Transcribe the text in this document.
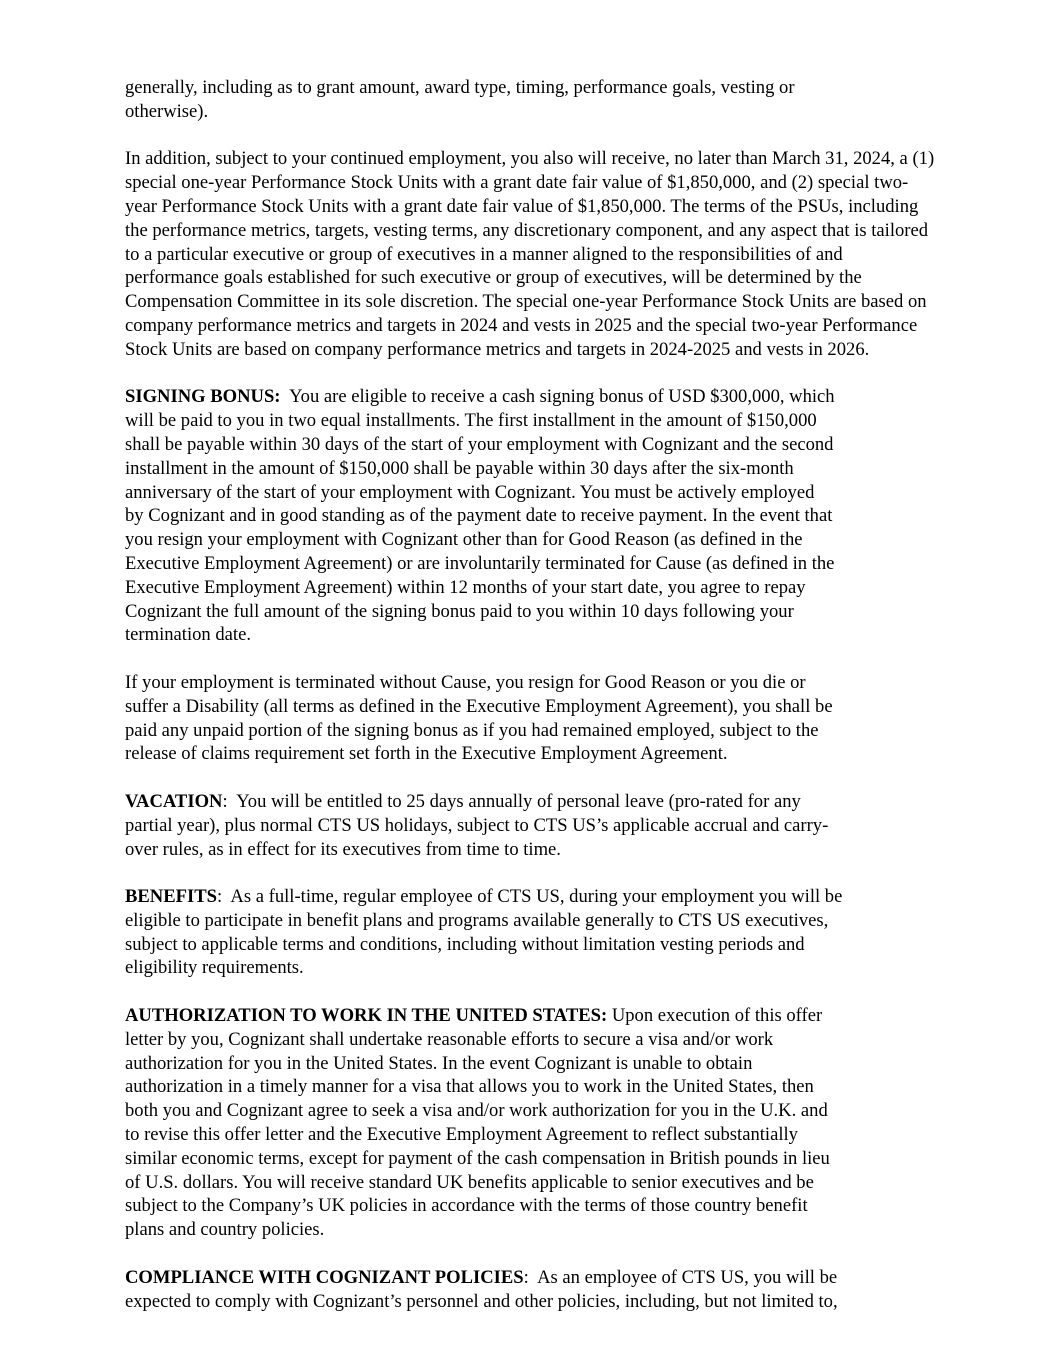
generally, including as to grant amount, award type, timing, performance goals, vesting or
otherwise).
In addition, subject to your continued employment, you also will receive, no later than March 31, 2024, a (1)
special one-year Performance Stock Units with a grant date fair value of $1,850,000, and (2) special two-
year Performance Stock Units with a grant date fair value of $1,850,000. The terms of the PSUs, including
the performance metrics, targets, vesting terms, any discretionary component, and any aspect that is tailored
to a particular executive or group of executives in a manner aligned to the responsibilities of and
performance goals established for such executive or group of executives, will be determined by the
Compensation Committee in its sole discretion. The special one-year Performance Stock Units are based on
company performance metrics and targets in 2024 and vests in 2025 and the special two-year Performance
Stock Units are based on company performance metrics and targets in 2024-2025 and vests in 2026.
SIGNING BONUS:  You are eligible to receive a cash signing bonus of USD $300,000, which
will be paid to you in two equal installments. The first installment in the amount of $150,000
shall be payable within 30 days of the start of your employment with Cognizant and the second
installment in the amount of $150,000 shall be payable within 30 days after the six-month
anniversary of the start of your employment with Cognizant. You must be actively employed
by Cognizant and in good standing as of the payment date to receive payment. In the event that
you resign your employment with Cognizant other than for Good Reason (as defined in the
Executive Employment Agreement) or are involuntarily terminated for Cause (as defined in the
Executive Employment Agreement) within 12 months of your start date, you agree to repay
Cognizant the full amount of the signing bonus paid to you within 10 days following your
termination date.
If your employment is terminated without Cause, you resign for Good Reason or you die or
suffer a Disability (all terms as defined in the Executive Employment Agreement), you shall be
paid any unpaid portion of the signing bonus as if you had remained employed, subject to the
release of claims requirement set forth in the Executive Employment Agreement.
VACATION:  You will be entitled to 25 days annually of personal leave (pro-rated for any
partial year), plus normal CTS US holidays, subject to CTS US’s applicable accrual and carry-
over rules, as in effect for its executives from time to time.
BENEFITS:  As a full-time, regular employee of CTS US, during your employment you will be
eligible to participate in benefit plans and programs available generally to CTS US executives,
subject to applicable terms and conditions, including without limitation vesting periods and
eligibility requirements.
AUTHORIZATION TO WORK IN THE UNITED STATES: Upon execution of this offer
letter by you, Cognizant shall undertake reasonable efforts to secure a visa and/or work
authorization for you in the United States. In the event Cognizant is unable to obtain
authorization in a timely manner for a visa that allows you to work in the United States, then
both you and Cognizant agree to seek a visa and/or work authorization for you in the U.K. and
to revise this offer letter and the Executive Employment Agreement to reflect substantially
similar economic terms, except for payment of the cash compensation in British pounds in lieu
of U.S. dollars. You will receive standard UK benefits applicable to senior executives and be
subject to the Company’s UK policies in accordance with the terms of those country benefit
plans and country policies.
COMPLIANCE WITH COGNIZANT POLICIES:  As an employee of CTS US, you will be
expected to comply with Cognizant’s personnel and other policies, including, but not limited to,
